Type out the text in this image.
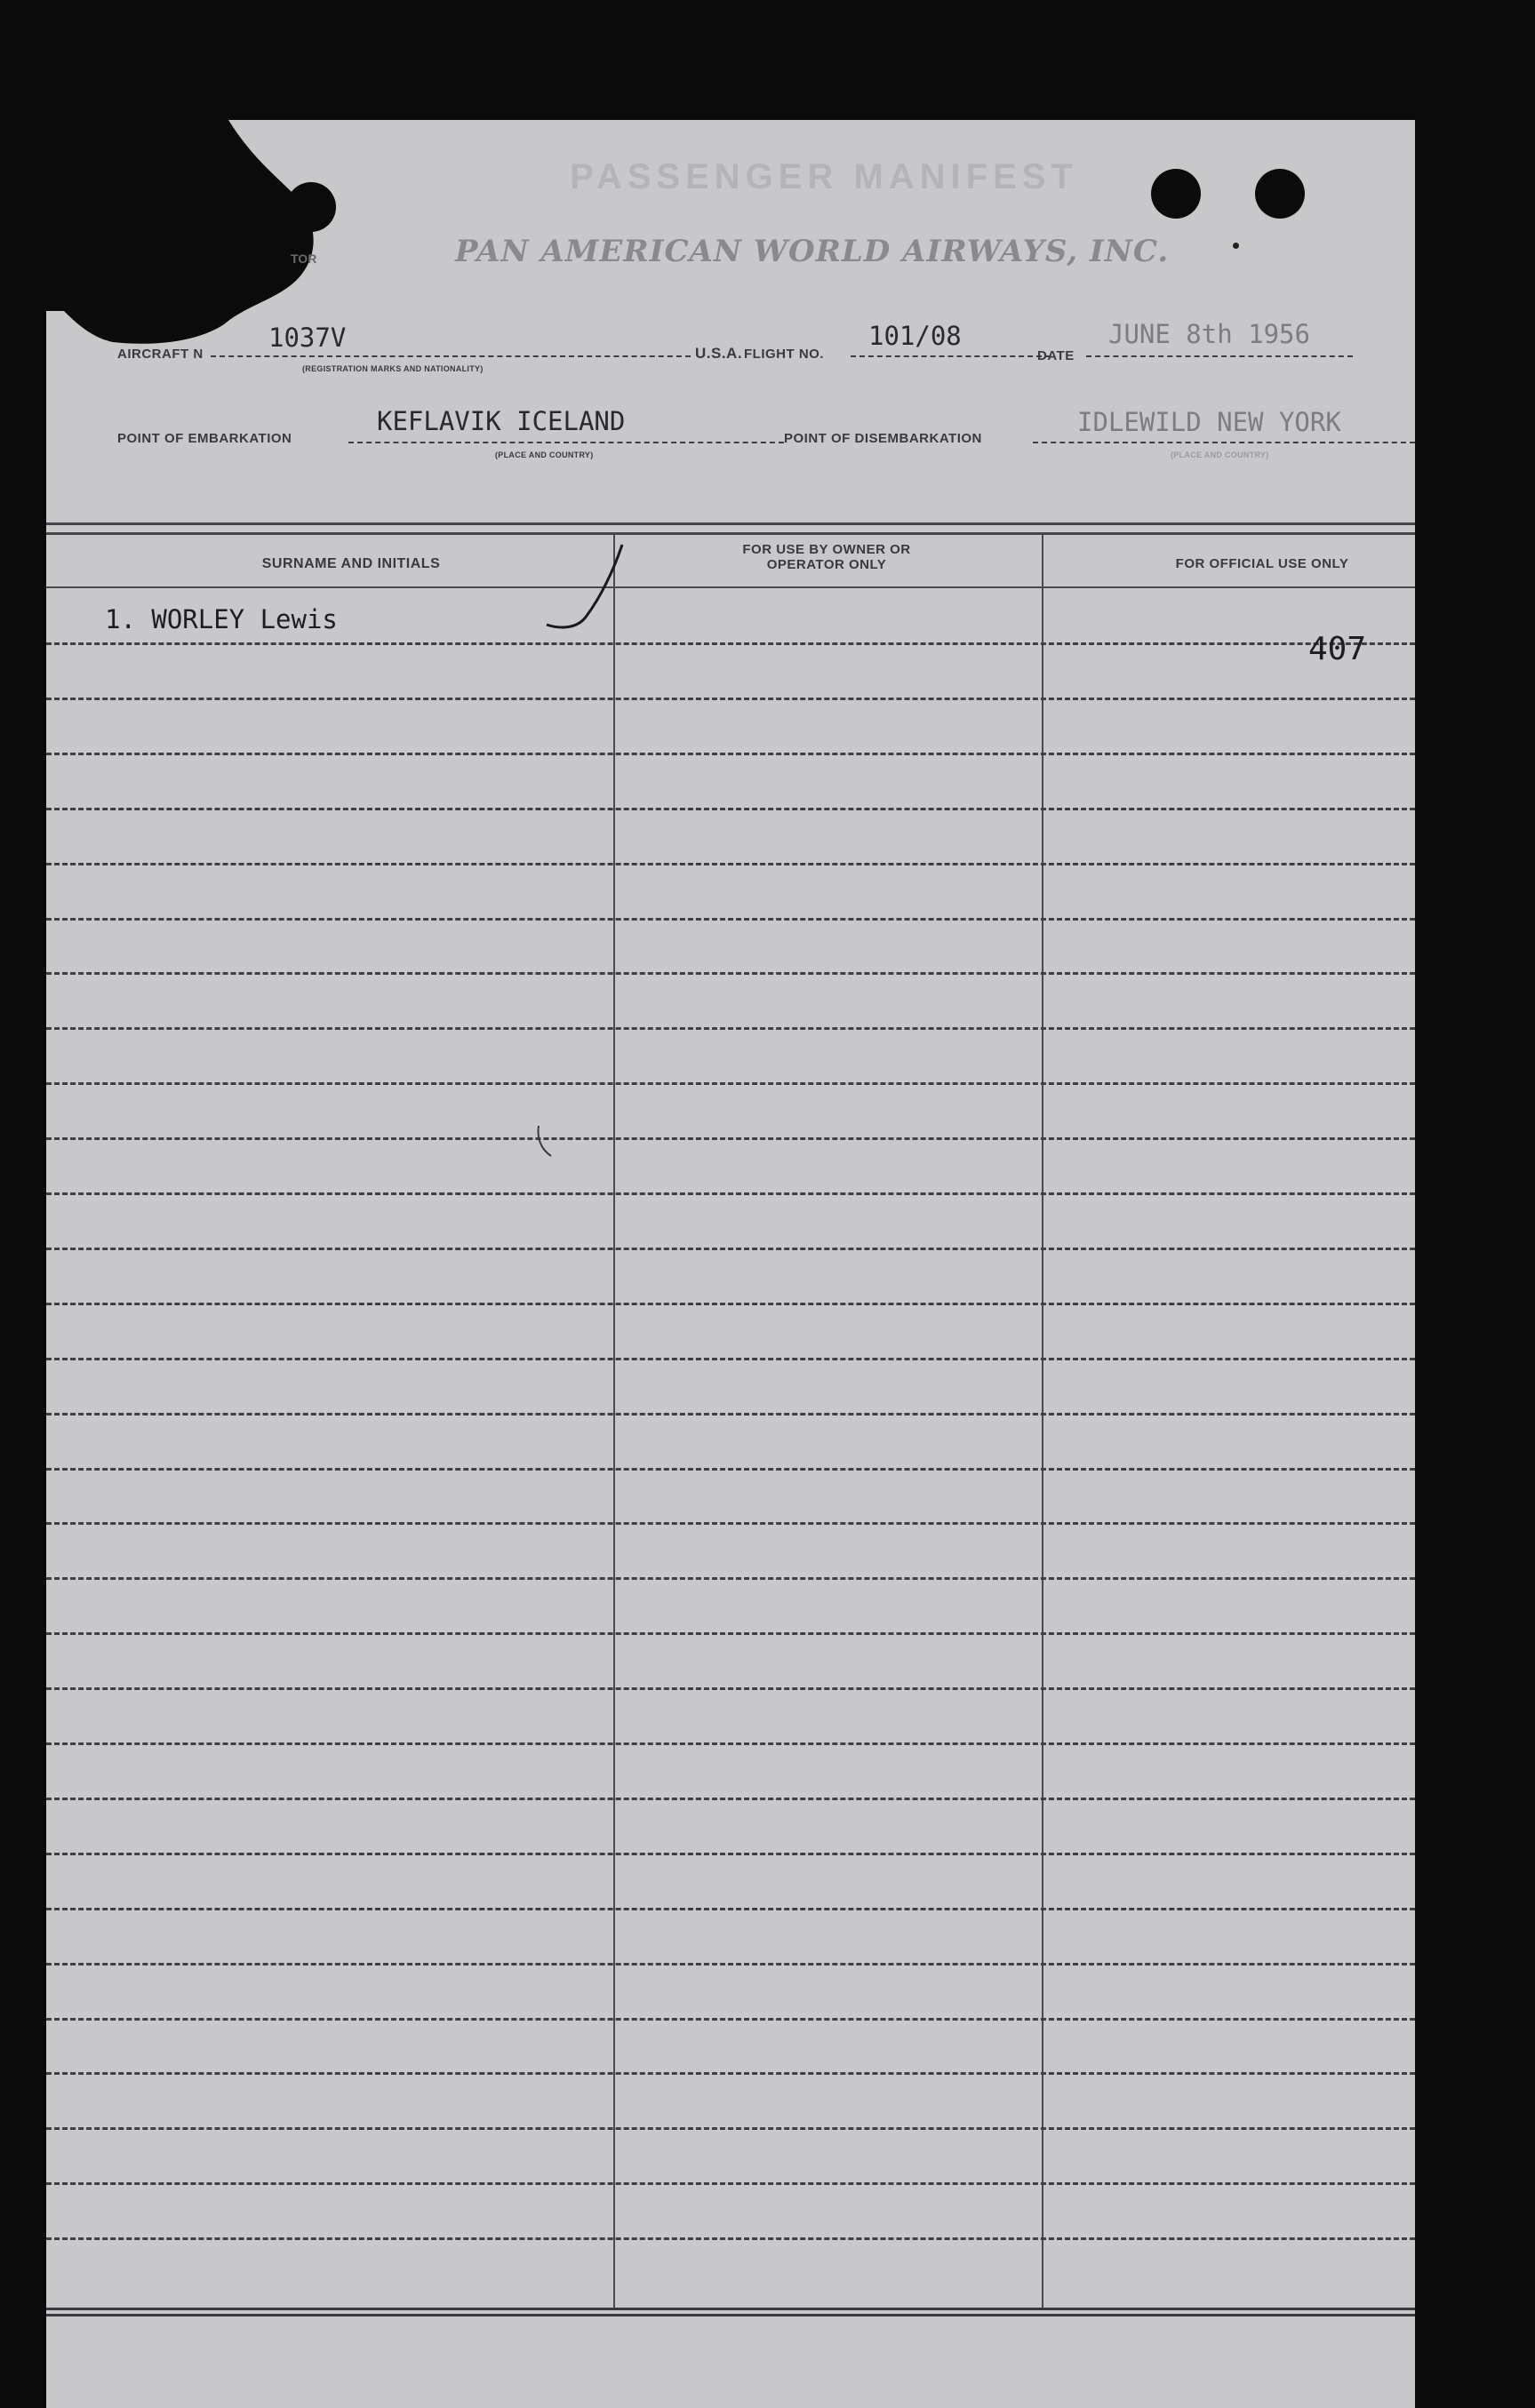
PASSENGER MANIFEST
PAN AMERICAN WORLD AIRWAYS, INC.
TOR
AIRCRAFT N
1037V
(REGISTRATION MARKS AND NATIONALITY)
U.S.A. FLIGHT NO.
101/08
DATE
JUNE 8th 1956
POINT OF EMBARKATION
KEFLAVIK ICELAND
(PLACE AND COUNTRY)
POINT OF DISEMBARKATION
IDLEWILD NEW YORK
(PLACE AND COUNTRY)
SURNAME AND INITIALS
FOR USE BY OWNER OR OPERATOR ONLY	FOR OFFICIAL USE ONLY
1. WORLEY Lewis
407
